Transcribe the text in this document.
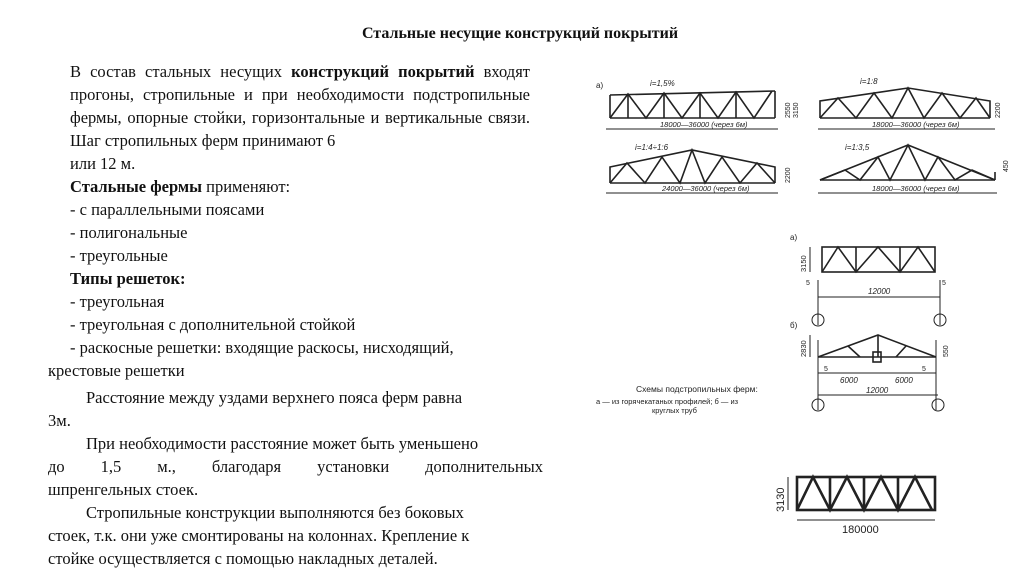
Стальные несущие конструкций покрытий
В состав стальных несущих конструкций покрытий входят прогоны, стропильные и при необходимости подстропильные фермы, опорные стойки, горизонтальные и вертикальные связи. Шаг стропильных ферм принимают 6
или 12 м.
Стальные фермы применяют:
- с параллельными поясами
- полигональные
- треугольные
Типы решеток:
- треугольная
- треугольная с дополнительной стойкой
- раскосные решетки: входящие раскосы, нисходящий,
крестовые решетки
Расстояние между уздами верхнего пояса ферм равна
3м.
При необходимости расстояние может быть уменьшено
до 1,5 м., благодаря установки дополнительных
шпренгельных стоек.
Стропильные конструкции выполняются без боковых
стоек, т.к. они уже смонтированы на колоннах. Крепление к
стойке осуществляется с помощью накладных деталей.
а)	i=1,5%	i=1:8
i=1:4÷1:6	i=1:3,5
18000—36000 (через 6м)	18000—36000 (через 6м)
24000—36000 (через 6м)	18000—36000 (через 6м)
2550 3150	2200
2200
450
а)
3150
12000
5	5
б)
2830	550
5	5
6000	6000
12000
Схемы подстропильных ферм:
а — из горячекатаных профилей; б — из
круглых труб
3130
180000
